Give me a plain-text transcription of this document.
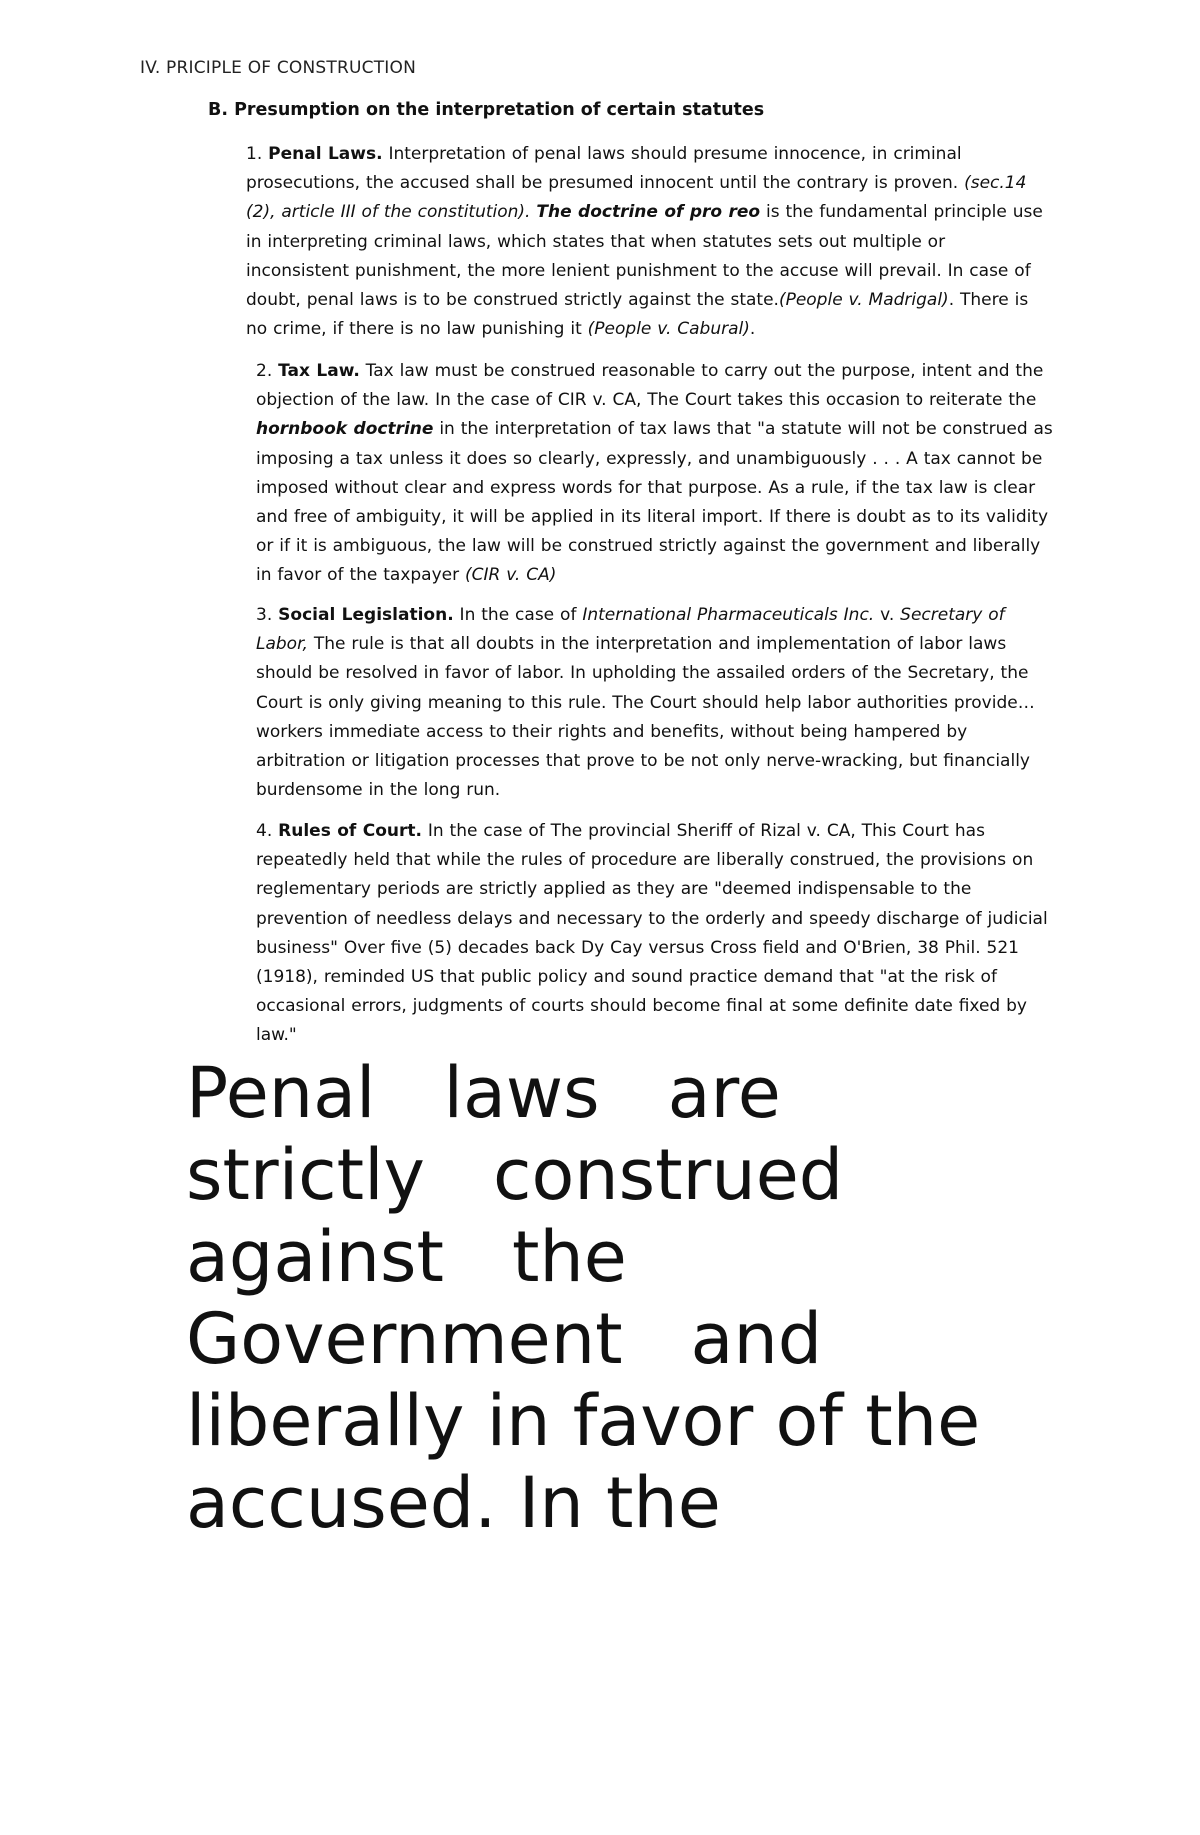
IV. PRICIPLE OF CONSTRUCTION
B. Presumption on the interpretation of certain statutes
1. Penal Laws. Interpretation of penal laws should presume innocence, in criminal prosecutions, the accused shall be presumed innocent until the contrary is proven. (sec.14 (2), article III of the constitution). The doctrine of pro reo is the fundamental principle use in interpreting criminal laws, which states that when statutes sets out multiple or inconsistent punishment, the more lenient punishment to the accuse will prevail. In case of doubt, penal laws is to be construed strictly against the state.(People v. Madrigal). There is no crime, if there is no law punishing it (People v. Cabural).
2. Tax Law. Tax law must be construed reasonable to carry out the purpose, intent and the objection of the law. In the case of CIR v. CA, The Court takes this occasion to reiterate the hornbook doctrine in the interpretation of tax laws that "a statute will not be construed as imposing a tax unless it does so clearly, expressly, and unambiguously . . . A tax cannot be imposed without clear and express words for that purpose. As a rule, if the tax law is clear and free of ambiguity, it will be applied in its literal import. If there is doubt as to its validity or if it is ambiguous, the law will be construed strictly against the government and liberally in favor of the taxpayer (CIR v. CA)
3. Social Legislation. In the case of International Pharmaceuticals Inc. v. Secretary of Labor, The rule is that all doubts in the interpretation and implementation of labor laws should be resolved in favor of labor. In upholding the assailed orders of the Secretary, the Court is only giving meaning to this rule. The Court should help labor authorities provide… workers immediate access to their rights and benefits, without being hampered by arbitration or litigation processes that prove to be not only nerve-wracking, but financially burdensome in the long run.
4. Rules of Court. In the case of The provincial Sheriff of Rizal v. CA, This Court has repeatedly held that while the rules of procedure are liberally construed, the provisions on reglementary periods are strictly applied as they are "deemed indispensable to the prevention of needless delays and necessary to the orderly and speedy discharge of judicial business" Over five (5) decades back Dy Cay versus Cross field and O'Brien, 38 Phil. 521 (1918), reminded US that public policy and sound practice demand that "at the risk of occasional errors, judgments of courts should become final at some definite date fixed by law."
Penal laws are
strictly construed
against the
Government and
liberally in favor of the
accused. In the
